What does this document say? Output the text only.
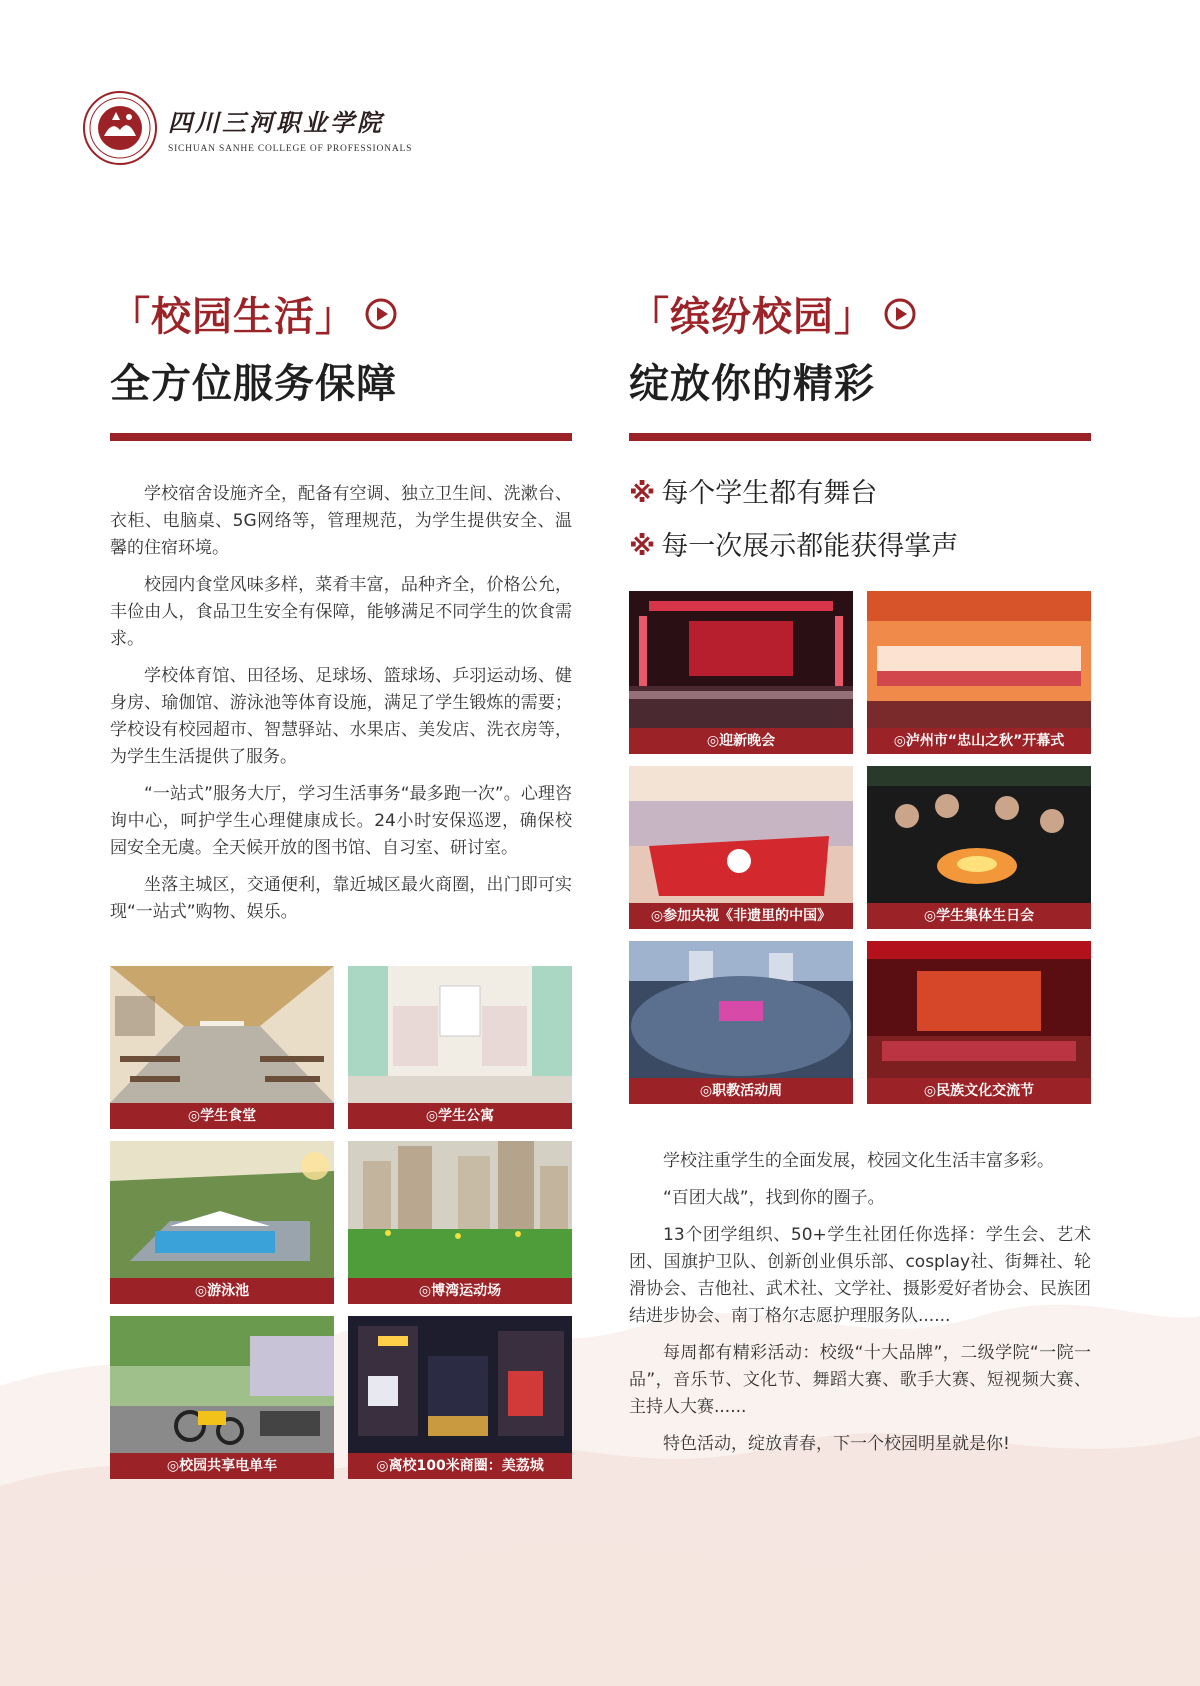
四川三河职业学院
SICHUAN SANHE COLLEGE OF PROFESSIONALS
「校园生活」
全方位服务保障

学校宿舍设施齐全，配备有空调、独立卫生间、洗漱台、衣柜、电脑桌、5G网络等，管理规范，为学生提供安全、温馨的住宿环境。

校园内食堂风味多样，菜肴丰富，品种齐全，价格公允，丰俭由人，食品卫生安全有保障，能够满足不同学生的饮食需求。

学校体育馆、田径场、足球场、篮球场、乒羽运动场、健身房、瑜伽馆、游泳池等体育设施，满足了学生锻炼的需要；学校设有校园超市、智慧驿站、水果店、美发店、洗衣房等，为学生生活提供了服务。

“一站式”服务大厅，学习生活事务“最多跑一次”。心理咨询中心，呵护学生心理健康成长。24小时安保巡逻，确保校园安全无虞。全天候开放的图书馆、自习室、研讨室。

坐落主城区，交通便利，靠近城区最火商圈，出门即可实现“一站式”购物、娱乐。

◎学生食堂	◎学生公寓
◎游泳池	◎博湾运动场
◎校园共享电单车	◎离校100米商圈：美荔城
「缤纷校园」
绽放你的精彩
※ 每个学生都有舞台
※ 每一次展示都能获得掌声
◎迎新晚会	◎泸州市“忠山之秋”开幕式
◎参加央视《非遗里的中国》	◎学生集体生日会
◎职教活动周	◎民族文化交流节

学校注重学生的全面发展，校园文化生活丰富多彩。

“百团大战”，找到你的圈子。

13个团学组织、50+学生社团任你选择：学生会、艺术团、国旗护卫队、创新创业俱乐部、cosplay社、街舞社、轮滑协会、吉他社、武术社、文学社、摄影爱好者协会、民族团结进步协会、南丁格尔志愿护理服务队......

每周都有精彩活动：校级“十大品牌”，二级学院“一院一品”，音乐节、文化节、舞蹈大赛、歌手大赛、短视频大赛、主持人大赛......

特色活动，绽放青春，下一个校园明星就是你!
